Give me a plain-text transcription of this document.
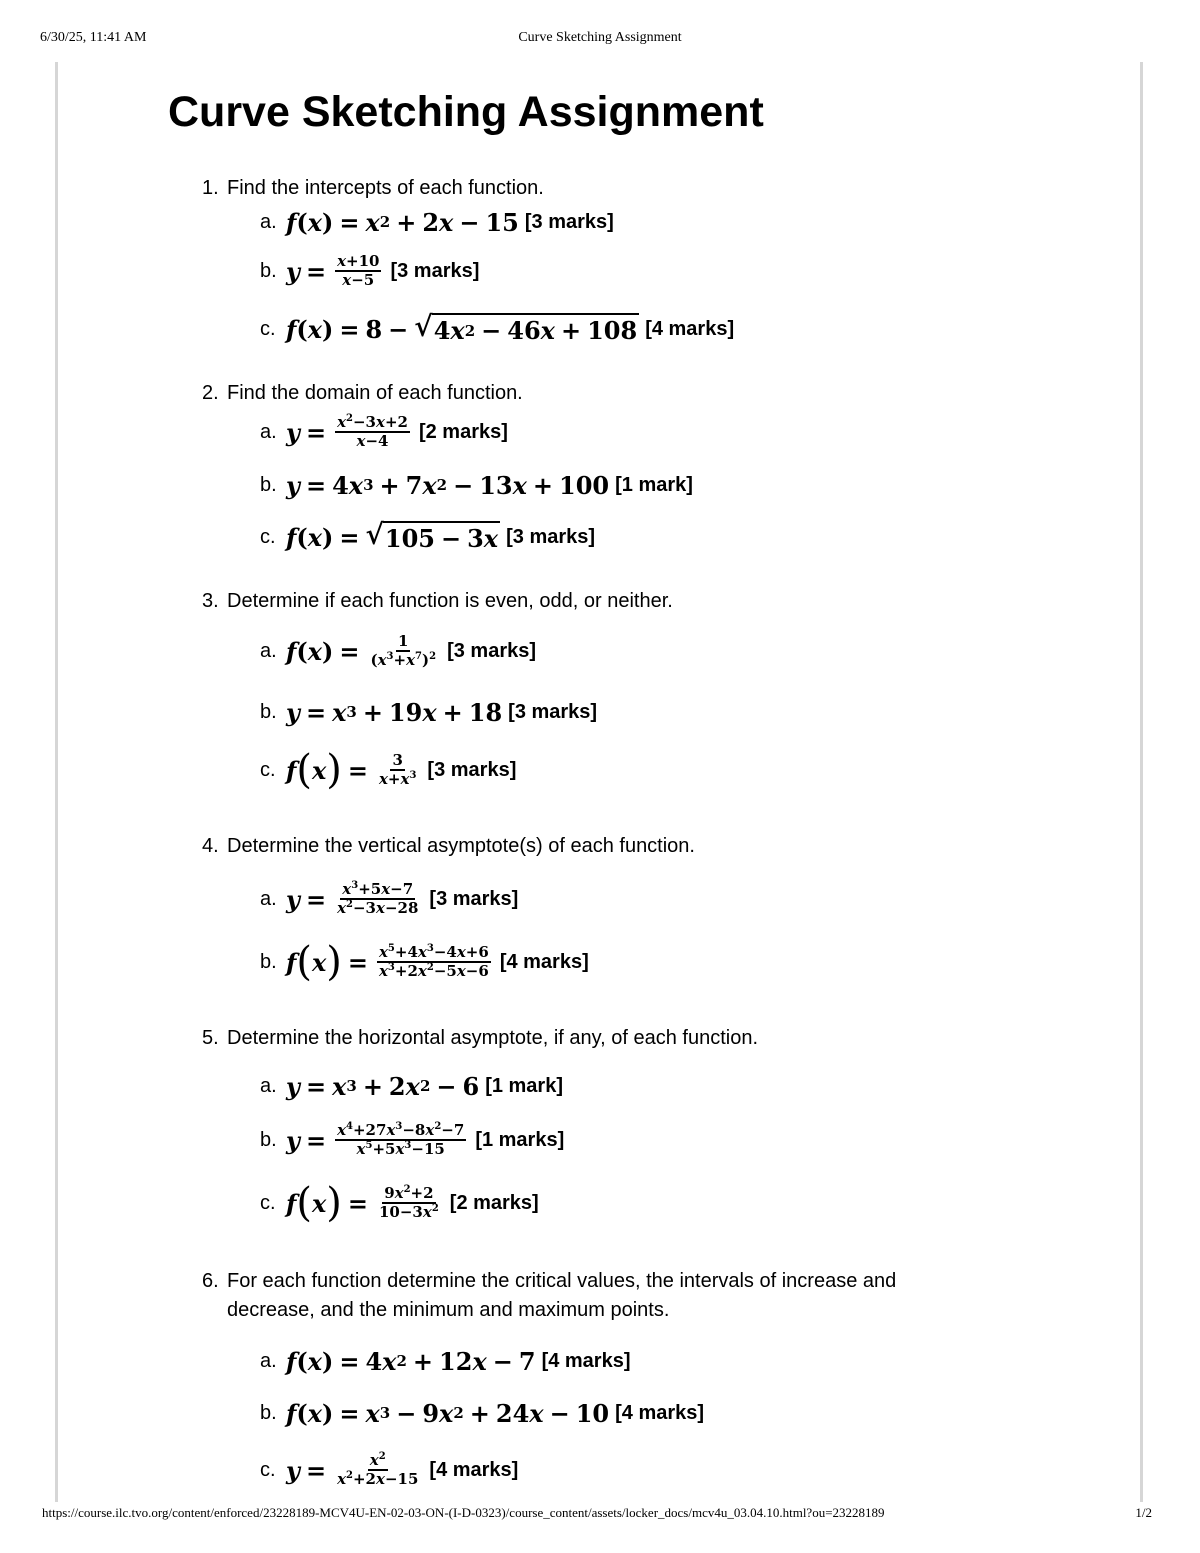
6/30/25, 11:41 AM	Curve Sketching Assignment
Curve Sketching Assignment
1. Find the intercepts of each function.
a. f ( x ) = x 2 + 2 x − 15 [3 marks]
b. $y = \frac{x+10}{x-5} [3$ marks]
c. f ( x ) = 8 − √ 4 x 2 − 46 x + 108 [4 marks]
2. Find the domain of each function.
a. $y = \frac{x^2-3x+2}{x-4} [2$ marks]
b. y = 4 x 3 + 7 x 2 − 13 x + 100 [1 mark]
c. f ( x ) = √ 105 − 3 x [3 marks]
3. Determine if each function is even, odd, or neither.
a. f ( x ) = $\frac{1}{(x^3+x^7)^2} [3$ marks]
b. y = x 3 + 19 x + 18 [3 marks]
c. f ( x ) = $\frac{3}{x+x^3} [3$ marks]
4. Determine the vertical asymptote(s) of each function.
a. $y = \frac{x^3+5x-7}{x^2-3x-28} [3$ marks]
b. f ( x ) = $\frac{x^5+4x^3-4x+6}{x^3+2x^2-5x-6} [4$ marks]
5. Determine the horizontal asymptote, if any, of each function.
a. y = x 3 + 2 x 2 − 6 [1 mark]
b. $y = \frac{x^4+27x^3-8x^2-7}{x^5+5x^3-15} [1$ marks]
c. f ( x ) = $\frac{9x^2+2}{10-3x^2} [2$ marks]
6. For each function determine the critical values, the intervals of increase and decrease, and the minimum and maximum points.
a. f ( x ) = 4 x 2 + 12 x − 7 [4 marks]
b. f ( x ) = x 3 − 9 x 2 + 24 x − 10 [4 marks]
c. $y = \frac{x^2}{x^2+2x-15} [4$ marks]
https://course.ilc.tvo.org/content/enforced/23228189-MCV4U-EN-02-03-ON-(I-D-0323)/course_content/assets/locker_docs/mcv4u_03.04.10.html?ou=23228189	1/2
